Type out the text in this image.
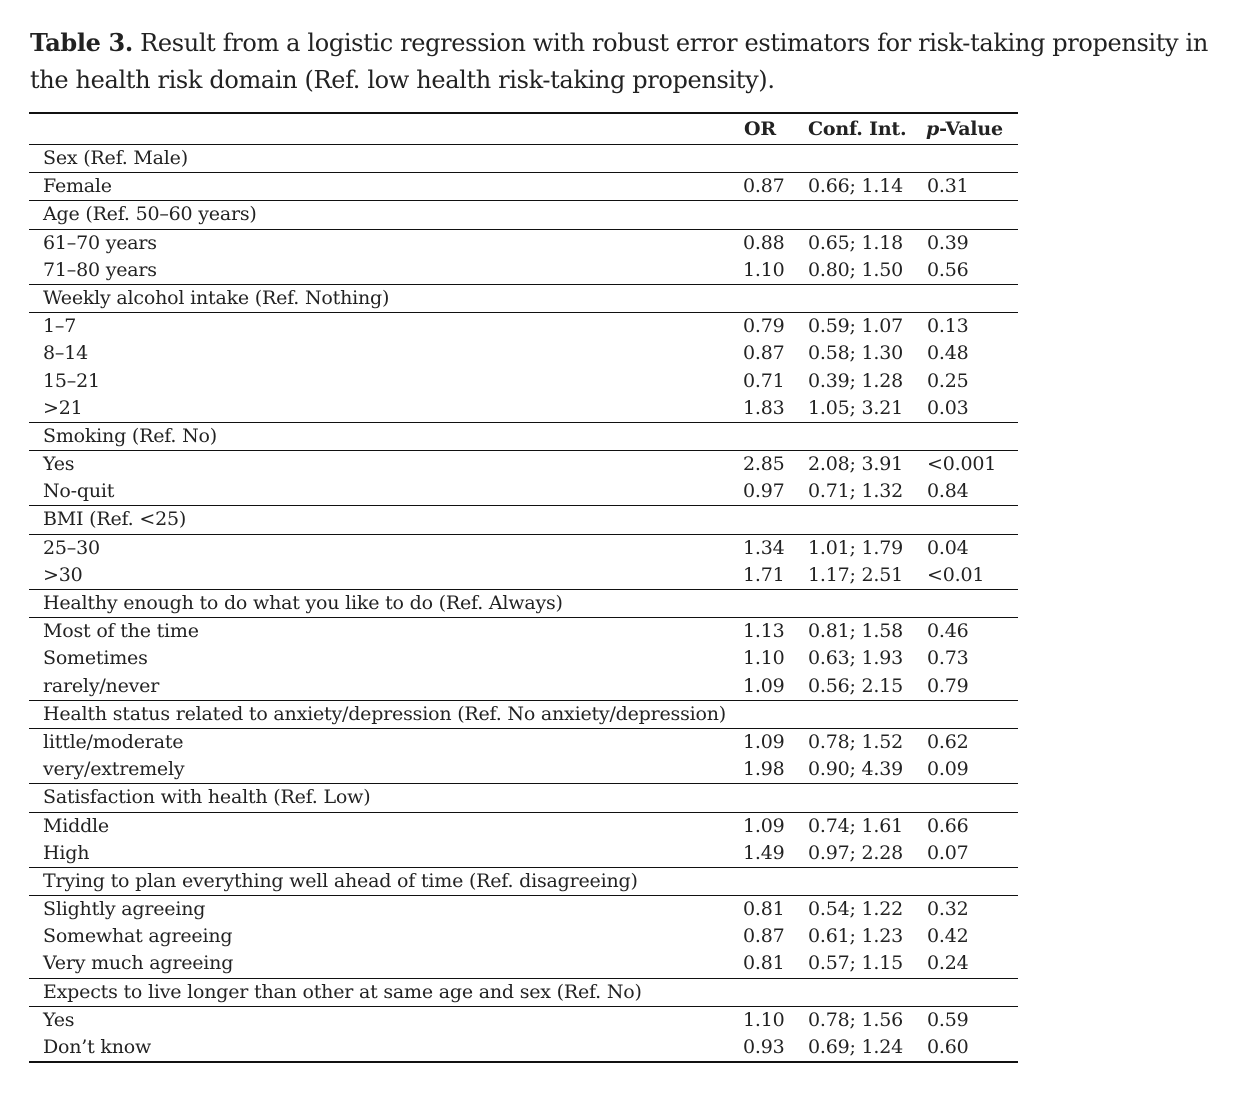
Table 3. Result from a logistic regression with robust error estimators for risk-taking propensity in the health risk domain (Ref. low health risk-taking propensity).
OR Conf. Int. p-Value
Sex (Ref. Male)
Female	0.87 0.66; 1.14 0.31
Age (Ref. 50–60 years)
61–70 years	0.88 0.65; 1.18 0.39
71–80 years	1.10 0.80; 1.50 0.56
Weekly alcohol intake (Ref. Nothing)
1–7	0.79 0.59; 1.07 0.13
8–14	0.87 0.58; 1.30 0.48
15–21	0.71 0.39; 1.28 0.25
>21	1.83 1.05; 3.21 0.03
Smoking (Ref. No)
Yes	2.85 2.08; 3.91 <0.001
No-quit	0.97 0.71; 1.32 0.84
BMI (Ref. <25)
25–30	1.34 1.01; 1.79 0.04
>30	1.71 1.17; 2.51 <0.01
Healthy enough to do what you like to do (Ref. Always)
Most of the time	1.13 0.81; 1.58 0.46
Sometimes	1.10 0.63; 1.93 0.73
rarely/never	1.09 0.56; 2.15 0.79
Health status related to anxiety/depression (Ref. No anxiety/depression)
little/moderate	1.09 0.78; 1.52 0.62
very/extremely	1.98 0.90; 4.39 0.09
Satisfaction with health (Ref. Low)
Middle	1.09 0.74; 1.61 0.66
High	1.49 0.97; 2.28 0.07
Trying to plan everything well ahead of time (Ref. disagreeing)
Slightly agreeing	0.81 0.54; 1.22 0.32
Somewhat agreeing	0.87 0.61; 1.23 0.42
Very much agreeing	0.81 0.57; 1.15 0.24
Expects to live longer than other at same age and sex (Ref. No)
Yes	1.10 0.78; 1.56 0.59
Don’t know	0.93 0.69; 1.24 0.60
